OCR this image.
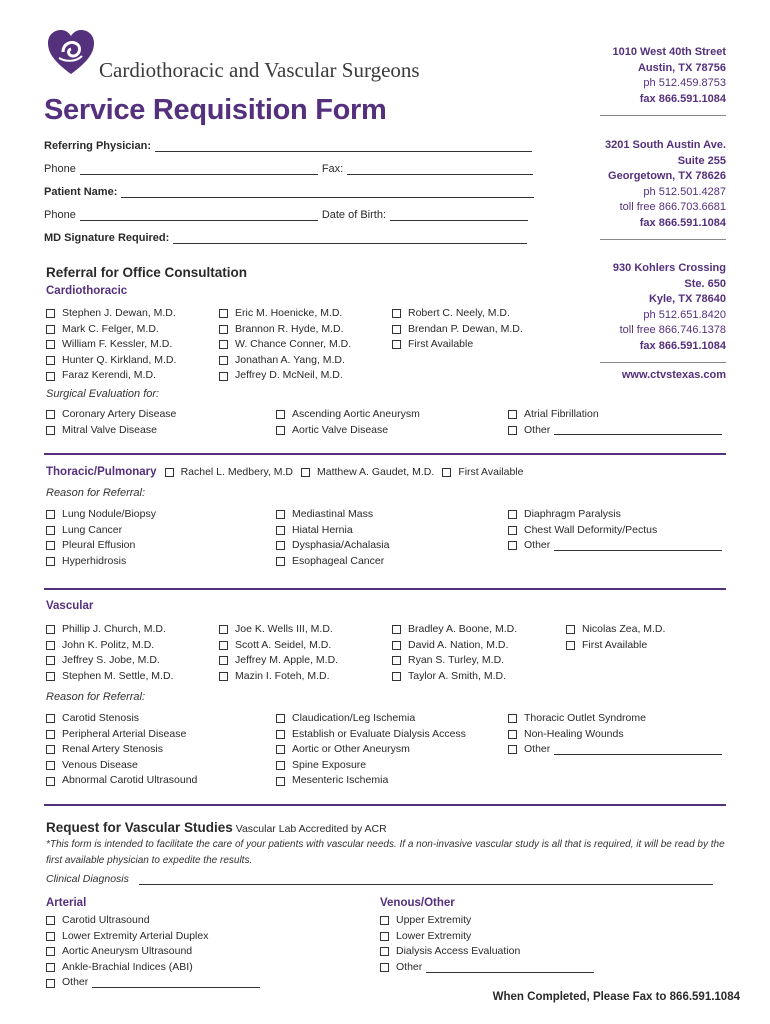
Cardiothoracic and Vascular Surgeons
Service Requisition Form
Referring Physician:
Phone	Fax:
Patient Name:
Phone	Date of Birth:
MD Signature Required:
1010 West 40th Street
Austin, TX 78756
ph 512.459.8753
fax 866.591.1084
3201 South Austin Ave.
Suite 255
Georgetown, TX 78626
ph 512.501.4287
toll free 866.703.6681
fax 866.591.1084
930 Kohlers Crossing
Ste. 650
Kyle, TX 78640
ph 512.651.8420
toll free 866.746.1378
fax 866.591.1084
www.ctvstexas.com
Referral for Office Consultation
Cardiothoracic
Stephen J. Dewan, M.D.
Mark C. Felger, M.D.
William F. Kessler, M.D.
Hunter Q. Kirkland, M.D.
Faraz Kerendi, M.D.
Eric M. Hoenicke, M.D.
Brannon R. Hyde, M.D.
W. Chance Conner, M.D.
Jonathan A. Yang, M.D.
Jeffrey D. McNeil, M.D.
Robert C. Neely, M.D.
Brendan P. Dewan, M.D.
First Available
Surgical Evaluation for:
Coronary Artery Disease
Mitral Valve Disease
Ascending Aortic Aneurysm
Aortic Valve Disease
Atrial Fibrillation
Other
Thoracic/Pulmonary Rachel L. Medbery, M.D Matthew A. Gaudet, M.D. First Available
Reason for Referral:
Lung Nodule/Biopsy
Lung Cancer
Pleural Effusion
Hyperhidrosis
Mediastinal Mass
Hiatal Hernia
Dysphasia/Achalasia
Esophageal Cancer
Diaphragm Paralysis
Chest Wall Deformity/Pectus
Other
Vascular
Phillip J. Church, M.D.
John K. Politz, M.D.
Jeffrey S. Jobe, M.D.
Stephen M. Settle, M.D.
Joe K. Wells III, M.D.
Scott A. Seidel, M.D.
Jeffrey M. Apple, M.D.
Mazin I. Foteh, M.D.
Bradley A. Boone, M.D.
David A. Nation, M.D.
Ryan S. Turley, M.D.
Taylor A. Smith, M.D.
Nicolas Zea, M.D.
First Available
Reason for Referral:
Carotid Stenosis
Peripheral Arterial Disease
Renal Artery Stenosis
Venous Disease
Abnormal Carotid Ultrasound
Claudication/Leg Ischemia
Establish or Evaluate Dialysis Access
Aortic or Other Aneurysm
Spine Exposure
Mesenteric Ischemia
Thoracic Outlet Syndrome
Non-Healing Wounds
Other
Request for Vascular Studies Vascular Lab Accredited by ACR
*This form is intended to facilitate the care of your patients with vascular needs. If a non-invasive vascular study is all that is required, it will be read by the first available physician to expedite the results.
Clinical Diagnosis
Arterial
Carotid Ultrasound
Lower Extremity Arterial Duplex
Aortic Aneurysm Ultrasound
Ankle-Brachial Indices (ABI)
Other
Venous/Other
Upper Extremity
Lower Extremity
Dialysis Access Evaluation
Other
When Completed, Please Fax to 866.591.1084
